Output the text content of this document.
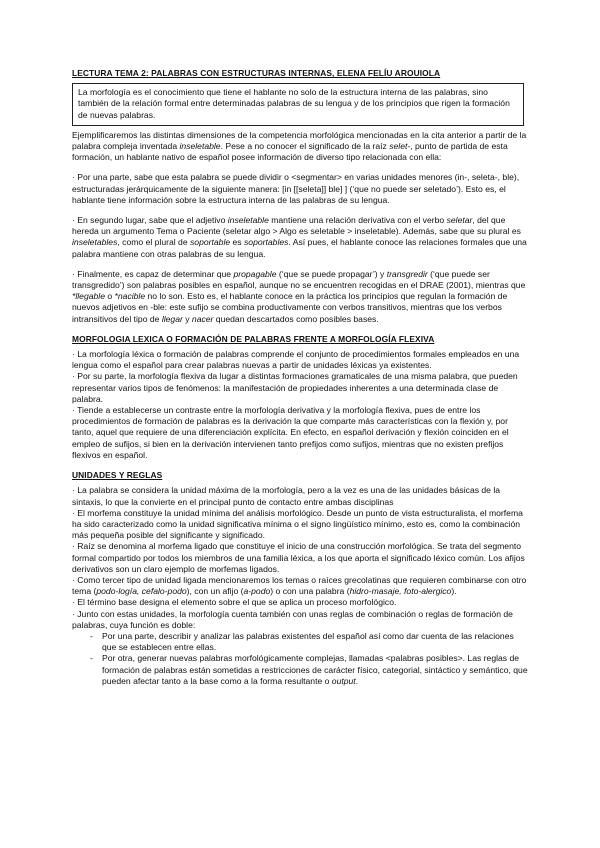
LECTURA TEMA 2: PALABRAS CON ESTRUCTURAS INTERNAS, ELENA FELÍU AROUIOLA

La morfología es el conocimiento que tiene el hablante no solo de la estructura interna de las palabras, sino también de la relación formal entre determinadas palabras de su lengua y de los principios que rigen la formación de nuevas palabras.

Ejemplificaremos las distintas dimensiones de la competencia morfológica mencionadas en la cita anterior a partir de la palabra compleja inventada inseletable. Pese a no conocer el significado de la raíz selet-, punto de partida de esta formación, un hablante nativo de español posee información de diverso tipo relacionada con ella:

· Por una parte, sabe que esta palabra se puede dividir o <segmentar> en varias unidades menores (in-, seleta-, ble), estructuradas jerárquicamente de la siguiente manera: [in [[seleta]] ble] ] (‘que no puede ser seletado’). Esto es, el hablante tiene información sobre la estructura interna de las palabras de su lengua.

· En segundo lugar, sabe que el adjetivo inseletable mantiene una relación derivativa con el verbo seletar, del que hereda un argumento Tema o Paciente (seletar algo > Algo es seletable > inseletable). Además, sabe que su plural es inseletables, como el plural de soportable es soportables. Así pues, el hablante conoce las relaciones formales que una palabra mantiene con otras palabras de su lengua.

· Finalmente, es capaz de determinar que propagable (‘que se puede propagar’) y transgredir (‘que puede ser transgredido’) son palabras posibles en español, aunque no se encuentren recogidas en el DRAE (2001), mientras que *llegable o *nacible no lo son. Esto es, el hablante conoce en la práctica los principios que regulan la formación de nuevos adjetivos en -ble: este sufijo se combina productivamente con verbos transitivos, mientras que los verbos intransitivos del tipo de llegar y nacer quedan descartados como posibles bases.

MORFOLOGIA LEXICA O FORMACIÓN DE PALABRAS FRENTE A MORFOLOGÍA FLEXIVA

· La morfología léxica o formación de palabras comprende el conjunto de procedimientos formales empleados en una lengua como el español para crear palabras nuevas a partir de unidades léxicas ya existentes.

· Por su parte, la morfología flexiva da lugar a distintas formaciones gramaticales de una misma palabra, que pueden representar varios tipos de fenómenos: la manifestación de propiedades inherentes a una determinada clase de palabra.

· Tiende a establecerse un contraste entre la morfología derivativa y la morfología flexiva, pues de entre los procedimientos de formación de palabras es la derivación la que comparte más características con la flexión y, por tanto, aquel que requiere de una diferenciación explícita. En efecto, en español derivación y flexión coinciden en el empleo de sufijos, si bien en la derivación intervienen tanto prefijos como sufijos, mientras que no existen prefijos flexivos en español.

UNIDADES Y REGLAS

· La palabra se considera la unidad máxima de la morfología, pero a la vez es una de las unidades básicas de la sintaxis, lo que la convierte en el principal punto de contacto entre ambas disciplinas

· El morfema constituye la unidad mínima del análisis morfológico. Desde un punto de vista estructuralista, el morfema ha sido caracterizado como la unidad significativa mínima o el signo lingüístico mínimo, esto es, como la combinación más pequeña posible del significante y significado.

· Raíz se denomina al morfema ligado que constituye el inicio de una construcción morfológica. Se trata del segmento formal compartido por todos los miembros de una familia léxica, a los que aporta el significado léxico común. Los afijos derivativos son un claro ejemplo de morfemas ligados.

· Como tercer tipo de unidad ligada mencionaremos los temas o raíces grecolatinas que requieren combinarse con otro tema (podo-logía, cefalo-podo), con un afijo (a-podo) o con una palabra (hidro-masaje, foto-alergico).

· El término base designa el elemento sobre el que se aplica un proceso morfológico.

· Junto con estas unidades, la morfología cuenta también con unas reglas de combinación o reglas de formación de palabras, cuya función es doble:

- Por una parte, describir y analizar las palabras existentes del español así como dar cuenta de las relaciones que se establecen entre ellas.
- Por otra, generar nuevas palabras morfológicamente complejas, llamadas <palabras posibles>. Las reglas de formación de palabras están sometidas a restricciones de carácter físico, categorial, sintáctico y semántico, que pueden afectar tanto a la base como a la forma resultante o output.
